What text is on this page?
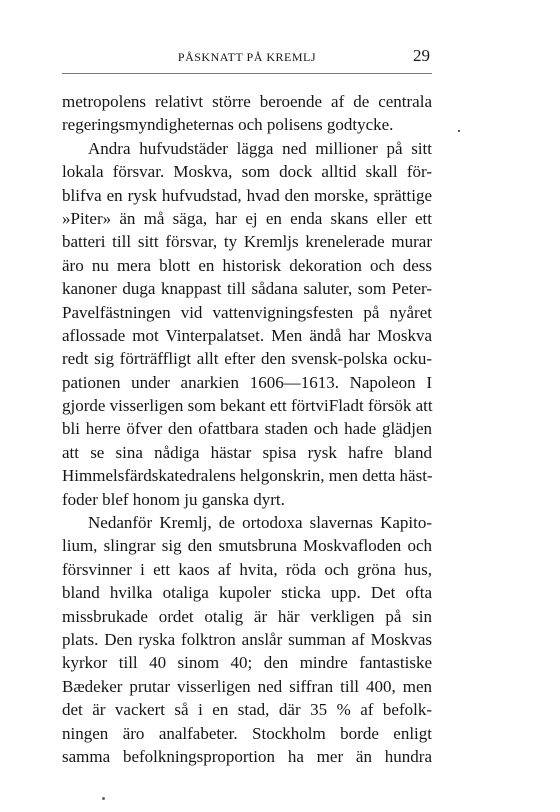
PÅSKNATT PÅ KREMLJ	29
metropolens relativt större beroende af de centrala
regeringsmyndigheternas och polisens godtycke.
Andra hufvudstäder lägga ned millioner på sitt
lokala försvar. Moskva, som dock alltid skall för-
blifva en rysk hufvudstad, hvad den morske, sprättige
»Piter» än må säga, har ej en enda skans eller ett
batteri till sitt försvar, ty Kremljs krenelerade murar
äro nu mera blott en historisk dekoration och dess
kanoner duga knappast till sådana saluter, som Peter-
Pavelfästningen vid vattenvigningsfesten på nyåret
aflossade mot Vinterpalatset. Men ändå har Moskva
redt sig förträffligt allt efter den svensk-polska ocku-
pationen under anarkien 1606—1613. Napoleon I
gjorde visserligen som bekant ett förtviFladt försök att
bli herre öfver den ofattbara staden och hade glädjen
att se sina nådiga hästar spisa rysk hafre bland
Himmelsfärdskatedralens helgonskrin, men detta häst-
foder blef honom ju ganska dyrt.
Nedanför Kremlj, de ortodoxa slavernas Kapito-
lium, slingrar sig den smutsbruna Moskvafloden och
försvinner i ett kaos af hvita, röda och gröna hus,
bland hvilka otaliga kupoler sticka upp. Det ofta
missbrukade ordet otalig är här verkligen på sin
plats. Den ryska folktron anslår summan af Moskvas
kyrkor till 40 sinom 40; den mindre fantastiske
Bædeker prutar visserligen ned siffran till 400, men
det är vackert så i en stad, där 35 % af befolk-
ningen äro analfabeter. Stockholm borde enligt
samma befolkningsproportion ha mer än hundra
